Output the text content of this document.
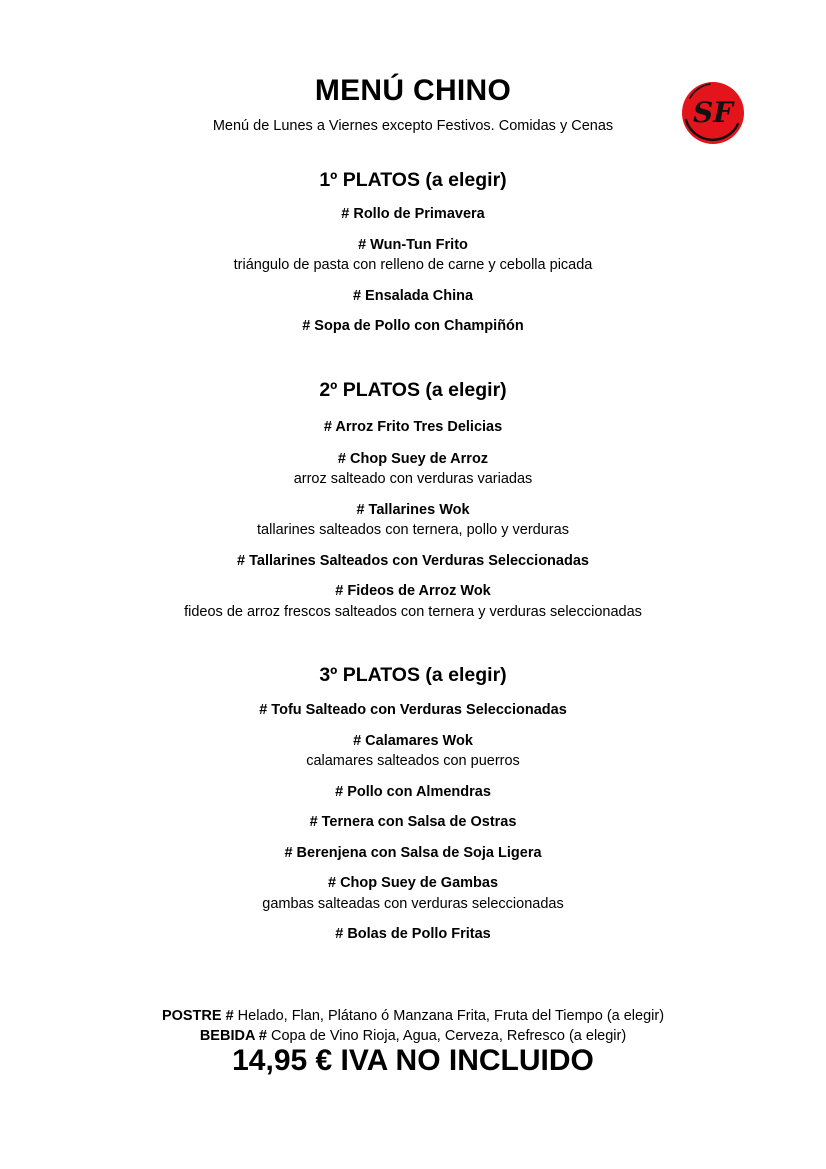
MENÚ CHINO
Menú de Lunes a Viernes excepto Festivos. Comidas y Cenas	SF
1º PLATOS (a elegir)
# Rollo de Primavera
# Wun-Tun Frito
triángulo de pasta con relleno de carne y cebolla picada
# Ensalada China
# Sopa de Pollo con Champiñón
2º PLATOS (a elegir)
# Arroz Frito Tres Delicias
# Chop Suey de Arroz
arroz salteado con verduras variadas
# Tallarines Wok
tallarines salteados con ternera, pollo y verduras
# Tallarines Salteados con Verduras Seleccionadas
# Fideos de Arroz Wok
fideos de arroz frescos salteados con ternera y verduras seleccionadas
3º PLATOS (a elegir)
# Tofu Salteado con Verduras Seleccionadas
# Calamares Wok
calamares salteados con puerros
# Pollo con Almendras
# Ternera con Salsa de Ostras
# Berenjena con Salsa de Soja Ligera
# Chop Suey de Gambas
gambas salteadas con verduras seleccionadas
# Bolas de Pollo Fritas
POSTRE # Helado, Flan, Plátano ó Manzana Frita, Fruta del Tiempo (a elegir)
BEBIDA # Copa de Vino Rioja, Agua, Cerveza, Refresco (a elegir)
14,95 € IVA NO INCLUIDO
